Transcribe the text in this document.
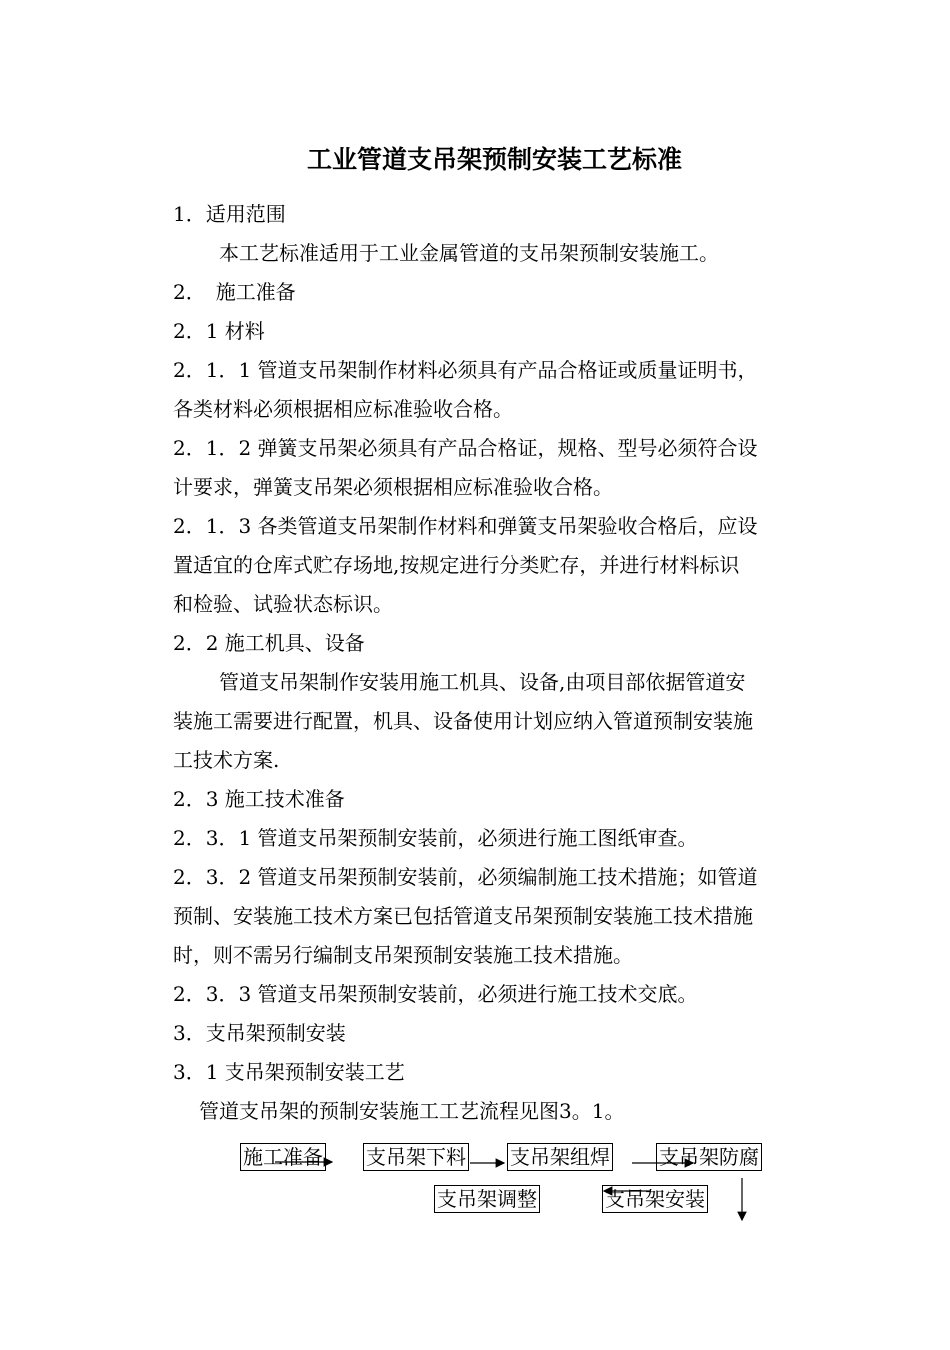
工业管道支吊架预制安装工艺标准
1．适用范围
本工艺标准适用于工业金属管道的支吊架预制安装施工。
2．　施工准备
2．1 材料
2．1．1 管道支吊架制作材料必须具有产品合格证或质量证明书，
各类材料必须根据相应标准验收合格。
2．1．2 弹簧支吊架必须具有产品合格证，规格、型号必须符合设
计要求，弹簧支吊架必须根据相应标准验收合格。
2．1．3 各类管道支吊架制作材料和弹簧支吊架验收合格后，应设
置适宜的仓库式贮存场地,按规定进行分类贮存，并进行材料标识
和检验、试验状态标识。
2．2 施工机具、设备
管道支吊架制作安装用施工机具、设备,由项目部依据管道安
装施工需要进行配置，机具、设备使用计划应纳入管道预制安装施
工技术方案.
2．3 施工技术准备
2．3．1 管道支吊架预制安装前，必须进行施工图纸审查。
2．3．2 管道支吊架预制安装前，必须编制施工技术措施；如管道
预制、安装施工技术方案已包括管道支吊架预制安装施工技术措施
时，则不需另行编制支吊架预制安装施工技术措施。
2．3．3 管道支吊架预制安装前，必须进行施工技术交底。
3．支吊架预制安装
3．1 支吊架预制安装工艺
管道支吊架的预制安装施工工艺流程见图3。1。
施工准备 支吊架下料 支吊架组焊 支吊架防腐
支吊架安装
支吊架调整
